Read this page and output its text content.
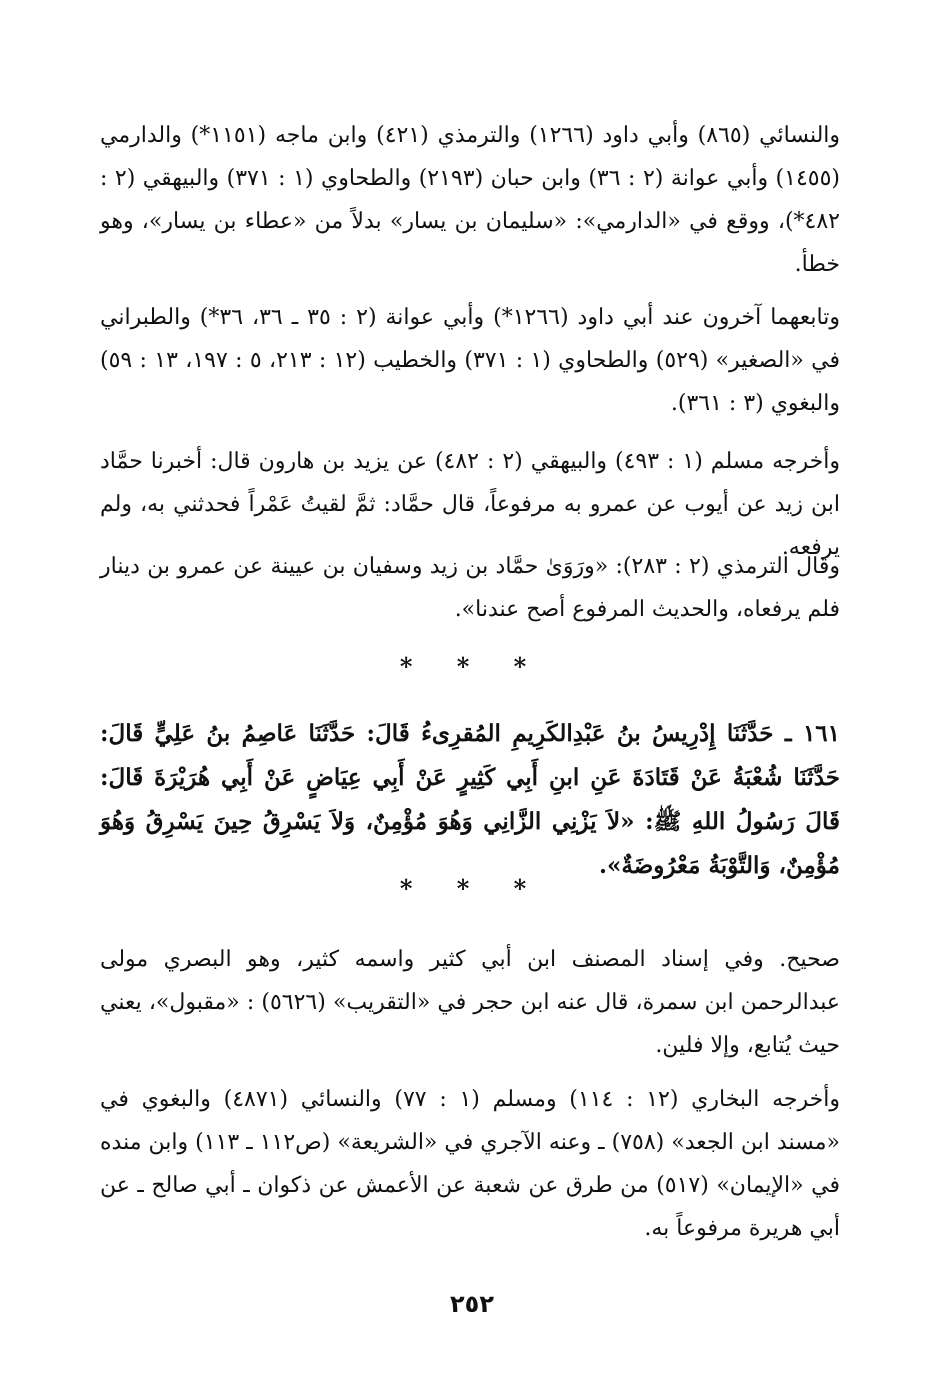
والنسائي (٨٦٥) وأبي داود (١٢٦٦) والترمذي (٤٢١) وابن ماجه (١١٥١*) والدارمي (١٤٥٥) وأبي عوانة (٢ : ٣٦) وابن حبان (٢١٩٣) والطحاوي (١ : ٣٧١) والبيهقي (٢ : ٤٨٢*)، ووقع في «الدارمي»: «سليمان بن يسار» بدلاً من «عطاء بن يسار»، وهو خطأ.

وتابعهما آخرون عند أبي داود (١٢٦٦*) وأبي عوانة (٢ : ٣٥ ـ ٣٦، ٣٦*) والطبراني في «الصغير» (٥٢٩) والطحاوي (١ : ٣٧١) والخطيب (١٢ : ٢١٣، ٥ : ١٩٧، ١٣ : ٥٩) والبغوي (٣ : ٣٦١).

وأخرجه مسلم (١ : ٤٩٣) والبيهقي (٢ : ٤٨٢) عن يزيد بن هارون قال: أخبرنا حمَّاد ابن زيد عن أيوب عن عمرو به مرفوعاً، قال حمَّاد: ثمَّ لقيتُ عَمْراً فحدثني به، ولم يرفعه.

وقال الترمذي (٢ : ٢٨٣): «ورَوَىٰ حمَّاد بن زيد وسفيان بن عيينة عن عمرو بن دينار فلم يرفعاه، والحديث المرفوع أصح عندنا».

* * *

١٦١ ـ حَدَّثَنَا إِدْرِيسُ بنُ عَبْدِالكَرِيمِ المُقرِىءُ قَالَ: حَدَّثَنَا عَاصِمُ بنُ عَلِيٍّ قَالَ: حَدَّثَنَا شُعْبَةُ عَنْ قَتَادَةَ عَنِ ابنِ أَبِي كَثِيرٍ عَنْ أَبِي عِيَاضٍ عَنْ أَبِي هُرَيْرَةَ قَالَ: قَالَ رَسُولُ اللهِ ﷺ: «لاَ يَزْنِي الزَّانِي وَهُوَ مُؤْمِنٌ، وَلاَ يَسْرِقُ حِينَ يَسْرِقُ وَهُوَ مُؤْمِنٌ، وَالتَّوْبَةُ مَعْرُوضَةٌ».

* * *

صحيح. وفي إسناد المصنف ابن أبي كثير واسمه كثير، وهو البصري مولى عبدالرحمن ابن سمرة، قال عنه ابن حجر في «التقريب» (٥٦٢٦) : «مقبول»، يعني حيث يُتابع، وإلا فلين.

وأخرجه البخاري (١٢ : ١١٤) ومسلم (١ : ٧٧) والنسائي (٤٨٧١) والبغوي في «مسند ابن الجعد» (٧٥٨) ـ وعنه الآجري في «الشريعة» (ص١١٢ ـ ١١٣) وابن منده في «الإيمان» (٥١٧) من طرق عن شعبة عن الأعمش عن ذكوان ـ أبي صالح ـ عن أبي هريرة مرفوعاً به.

٢٥٢
